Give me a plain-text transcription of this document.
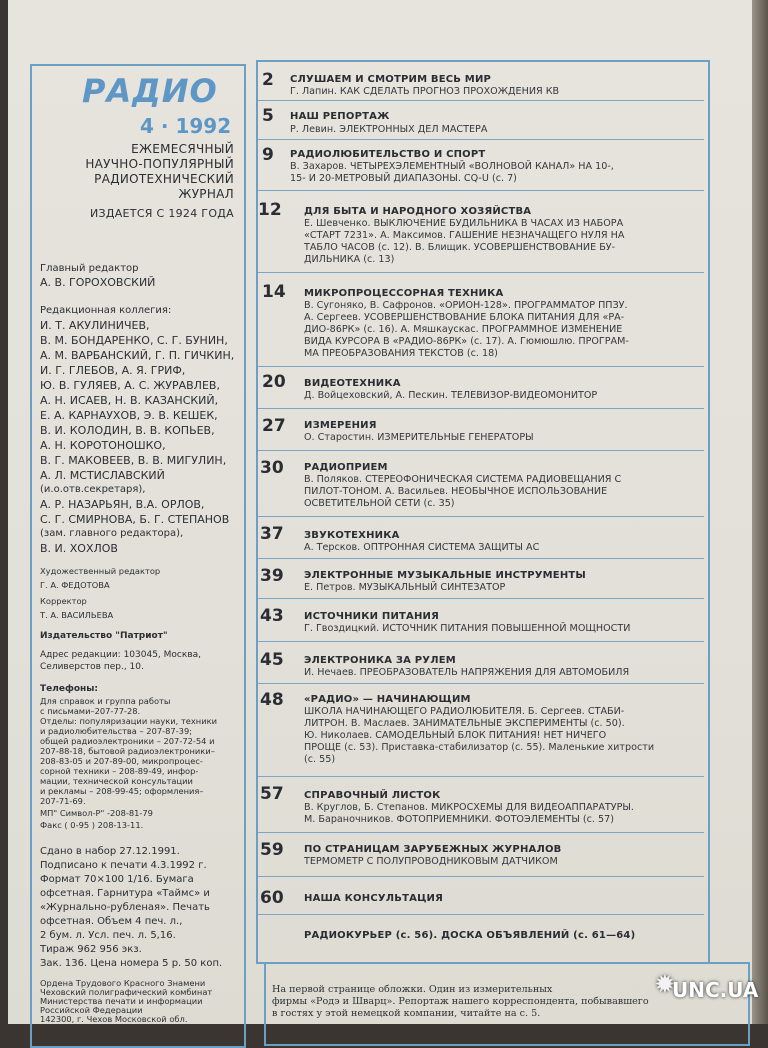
РАДИО
4 · 1992
ЕЖЕМЕСЯЧНЫЙ
НАУЧНО-ПОПУЛЯРНЫЙ
РАДИОТЕХНИЧЕСКИЙ
ЖУРНАЛ
ИЗДАЕТСЯ С 1924 ГОДА
Главный редактор
А. В. ГОРОХОВСКИЙ
Редакционная коллегия:
И. Т. АКУЛИНИЧЕВ,
В. М. БОНДАРЕНКО, С. Г. БУНИН,
А. М. ВАРБАНСКИЙ, Г. П. ГИЧКИН,
И. Г. ГЛЕБОВ, А. Я. ГРИФ,
Ю. В. ГУЛЯЕВ, А. С. ЖУРАВЛЕВ,
А. Н. ИСАЕВ, Н. В. КАЗАНСКИЙ,
Е. А. КАРНАУХОВ, Э. В. КЕШЕК,
В. И. КОЛОДИН, В. В. КОПЬЕВ,
А. Н. КОРОТОНОШКО,
В. Г. МАКОВЕЕВ, В. В. МИГУЛИН,
А. Л. МСТИСЛАВСКИЙ
(и.о.отв.секретаря),
А. Р. НАЗАРЬЯН, В.А. ОРЛОВ,
С. Г. СМИРНОВА, Б. Г. СТЕПАНОВ
(зам. главного редактора),
В. И. ХОХЛОВ
Художественный редактор
Г. А. ФЕДОТОВА
Корректор
Т. А. ВАСИЛЬЕВА
Издательство "Патриот"
Адрес редакции: 103045, Москва,
Селиверстов пер., 10.
Телефоны:
Для справок и группа работы
с письмами–207-77-28.
Отделы: популяризации науки, техники
и радиолюбительства – 207-87-39;
общей радиоэлектроники – 207-72-54 и
207-88-18, бытовой радиоэлектроники–
208-83-05 и 207-89-00, микропроцес-
сорной техники – 208-89-49, инфор-
мации, технической консультации
и рекламы – 208-99-45; оформления–
207-71-69.
МП" Символ-Р" -208-81-79
Факс ( 0-95 ) 208-13-11.
Сдано в набор 27.12.1991.
Подписано к печати 4.3.1992 г.
Формат 70×100 1/16. Бумага
офсетная. Гарнитура «Таймс» и
«Журнально-рубленая». Печать
офсетная. Объем 4 печ. л.,
2 бум. л. Усл. печ. л. 5,16.
Тираж 962 956 экз.
Зак. 136. Цена номера 5 р. 50 коп.
Ордена Трудового Красного Знамени
Чеховский полиграфический комбинат
Министерства печати и информации
Российской Федерации
142300, г. Чехов Московской обл.
2 СЛУШАЕМ И СМОТРИМ ВЕСЬ МИР
Г. Лапин. КАК СДЕЛАТЬ ПРОГНОЗ ПРОХОЖДЕНИЯ КВ
5 НАШ РЕПОРТАЖ
Р. Левин. ЭЛЕКТРОННЫХ ДЕЛ МАСТЕРА
9 РАДИОЛЮБИТЕЛЬСТВО И СПОРТ
В. Захаров. ЧЕТЫРЕХЭЛЕМЕНТНЫЙ «ВОЛНОВОЙ КАНАЛ» НА 10-,
15- И 20-МЕТРОВЫЙ ДИАПАЗОНЫ. CQ-U (с. 7)
12 ДЛЯ БЫТА И НАРОДНОГО ХОЗЯЙСТВА
Е. Шевченко. ВЫКЛЮЧЕНИЕ БУДИЛЬНИКА В ЧАСАХ ИЗ НАБОРА
«СТАРТ 7231». А. Максимов. ГАШЕНИЕ НЕЗНАЧАЩЕГО НУЛЯ НА
ТАБЛО ЧАСОВ (с. 12). В. Блищик. УСОВЕРШЕНСТВОВАНИЕ БУ-
ДИЛЬНИКА (с. 13)
14 МИКРОПРОЦЕССОРНАЯ ТЕХНИКА
В. Сугоняко, В. Сафронов. «ОРИОН-128». ПРОГРАММАТОР ППЗУ.
А. Сергеев. УСОВЕРШЕНСТВОВАНИЕ БЛОКА ПИТАНИЯ ДЛЯ «РА-
ДИО-86РК» (с. 16). А. Мяшкаускас. ПРОГРАММНОЕ ИЗМЕНЕНИЕ
ВИДА КУРСОРА В «РАДИО-86РК» (с. 17). А. Гюмюшлю. ПРОГРАМ-
МА ПРЕОБРАЗОВАНИЯ ТЕКСТОВ (с. 18)
20 ВИДЕОТЕХНИКА
Д. Войцеховский, А. Пескин. ТЕЛЕВИЗОР-ВИДЕОМОНИТОР
27 ИЗМЕРЕНИЯ
О. Старостин. ИЗМЕРИТЕЛЬНЫЕ ГЕНЕРАТОРЫ
30 РАДИОПРИЕМ
В. Поляков. СТЕРЕОФОНИЧЕСКАЯ СИСТЕМА РАДИОВЕЩАНИЯ С
ПИЛОТ-ТОНОМ. А. Васильев. НЕОБЫЧНОЕ ИСПОЛЬЗОВАНИЕ
ОСВЕТИТЕЛЬНОЙ СЕТИ (с. 35)
37 ЗВУКОТЕХНИКА
А. Терсков. ОПТРОННАЯ СИСТЕМА ЗАЩИТЫ АС
39 ЭЛЕКТРОННЫЕ МУЗЫКАЛЬНЫЕ ИНСТРУМЕНТЫ
Е. Петров. МУЗЫКАЛЬНЫЙ СИНТЕЗАТОР
43 ИСТОЧНИКИ ПИТАНИЯ
Г. Гвоздицкий. ИСТОЧНИК ПИТАНИЯ ПОВЫШЕННОЙ МОЩНОСТИ
45 ЭЛЕКТРОНИКА ЗА РУЛЕМ
И. Нечаев. ПРЕОБРАЗОВАТЕЛЬ НАПРЯЖЕНИЯ ДЛЯ АВТОМОБИЛЯ
48 «РАДИО» — НАЧИНАЮЩИМ
ШКОЛА НАЧИНАЮЩЕГО РАДИОЛЮБИТЕЛЯ. Б. Сергеев. СТАБИ-
ЛИТРОН. В. Маслаев. ЗАНИМАТЕЛЬНЫЕ ЭКСПЕРИМЕНТЫ (с. 50).
Ю. Николаев. САМОДЕЛЬНЫЙ БЛОК ПИТАНИЯ! НЕТ НИЧЕГО
ПРОЩЕ (с. 53). Приставка-стабилизатор (с. 55). Маленькие хитрости
(с. 55)
57 СПРАВОЧНЫЙ ЛИСТОК
В. Круглов, Б. Степанов. МИКРОСХЕМЫ ДЛЯ ВИДЕОАППАРАТУРЫ.
М. Бараночников. ФОТОПРИЕМНИКИ. ФОТОЭЛЕМЕНТЫ (с. 57)
59 ПО СТРАНИЦАМ ЗАРУБЕЖНЫХ ЖУРНАЛОВ
ТЕРМОМЕТР С ПОЛУПРОВОДНИКОВЫМ ДАТЧИКОМ
60 НАША КОНСУЛЬТАЦИЯ
РАДИОКУРЬЕР (с. 56). ДОСКА ОБЪЯВЛЕНИЙ (с. 61—64)
На первой странице обложки. Один из измерительных
фирмы «Родэ и Шварц». Репортаж нашего корреспондента, побывавшего
в гостях у этой немецкой компании, читайте на с. 5.
✹
UNC.UA
